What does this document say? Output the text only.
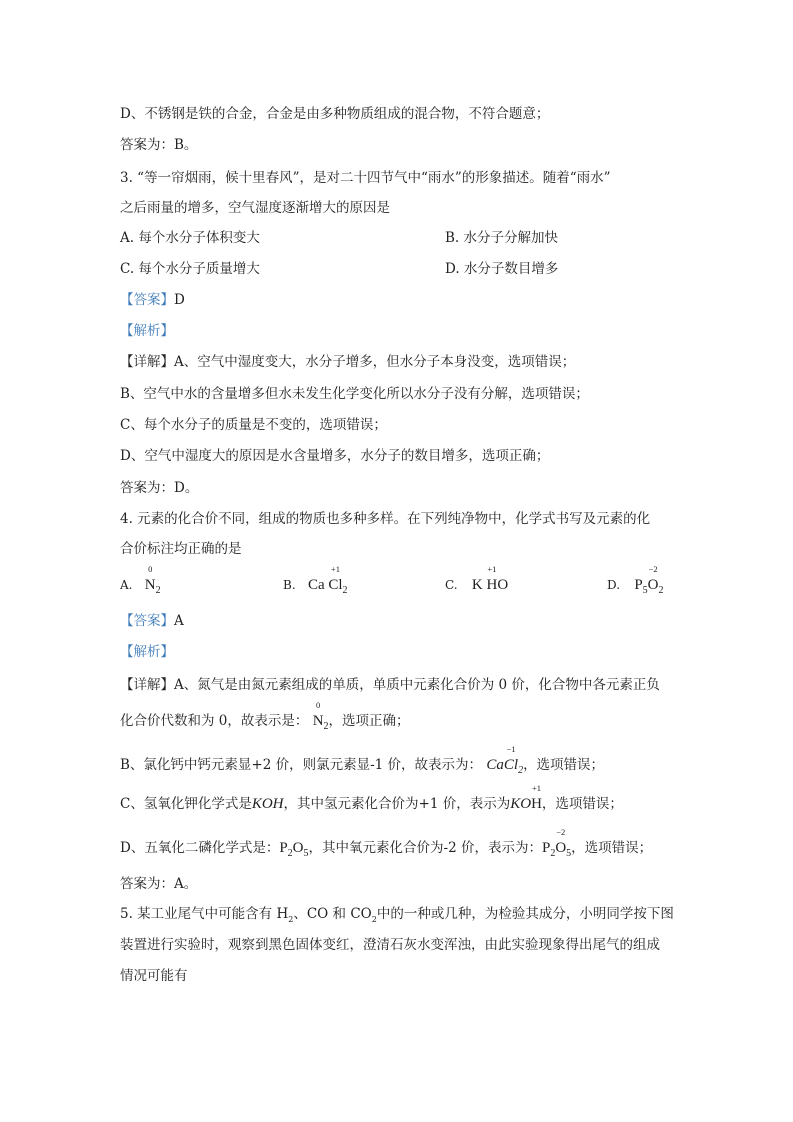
D、不锈钢是铁的合金，合金是由多种物质组成的混合物，不符合题意；
答案为：B。
3. “等一帘烟雨，候十里春风”，是对二十四节气中“雨水”的形象描述。随着“雨水”
之后雨量的增多，空气湿度逐渐增大的原因是
A. 每个水分子体积变大	B. 水分子分解加快
C. 每个水分子质量增大	D. 水分子数目增多
【答案】D
【解析】
【详解】A、空气中湿度变大，水分子增多，但水分子本身没变，选项错误；
B、空气中水的含量增多但水未发生化学变化所以水分子没有分解，选项错误；
C、每个水分子的质量是不变的，选项错误；
D、空气中湿度大的原因是水含量增多，水分子的数目增多，选项正确；
答案为：D。
4. 元素的化合价不同，组成的物质也多种多样。在下列纯净物中，化学式书写及元素的化
合价标注均正确的是
A.
0
$N_2$	B. Ca
+1
$Cl_2$	C. K
+1
HO	D. $P_5$
−2
$O_2$
【答案】A
【解析】
【详解】A、氮气是由氮元素组成的单质，单质中元素化合价为 0 价，化合物中各元素正负
化合价代数和为 0，故表示是：
0
$N_2$，选项正确；
B、氯化钙中钙元素显+2 价，则氯元素显-1 价，故表示为： Ca
−1
$Cl_2$，选项错误；
C、氢氧化钾化学式是KOH，其中氢元素化合价为+1 价，表示为KO
+1
H，选项错误；
D、五氧化二磷化学式是：$P_2O_5$，其中氧元素化合价为-2 价，表示为：$P_2$
−2
$O_5$，选项错误；
答案为：A。
5. 某工业尾气中可能含有 $H_2$、CO 和 $CO_2$中的一种或几种，为检验其成分，小明同学按下图
装置进行实验时，观察到黑色固体变红，澄清石灰水变浑浊，由此实验现象得出尾气的组成
情况可能有
